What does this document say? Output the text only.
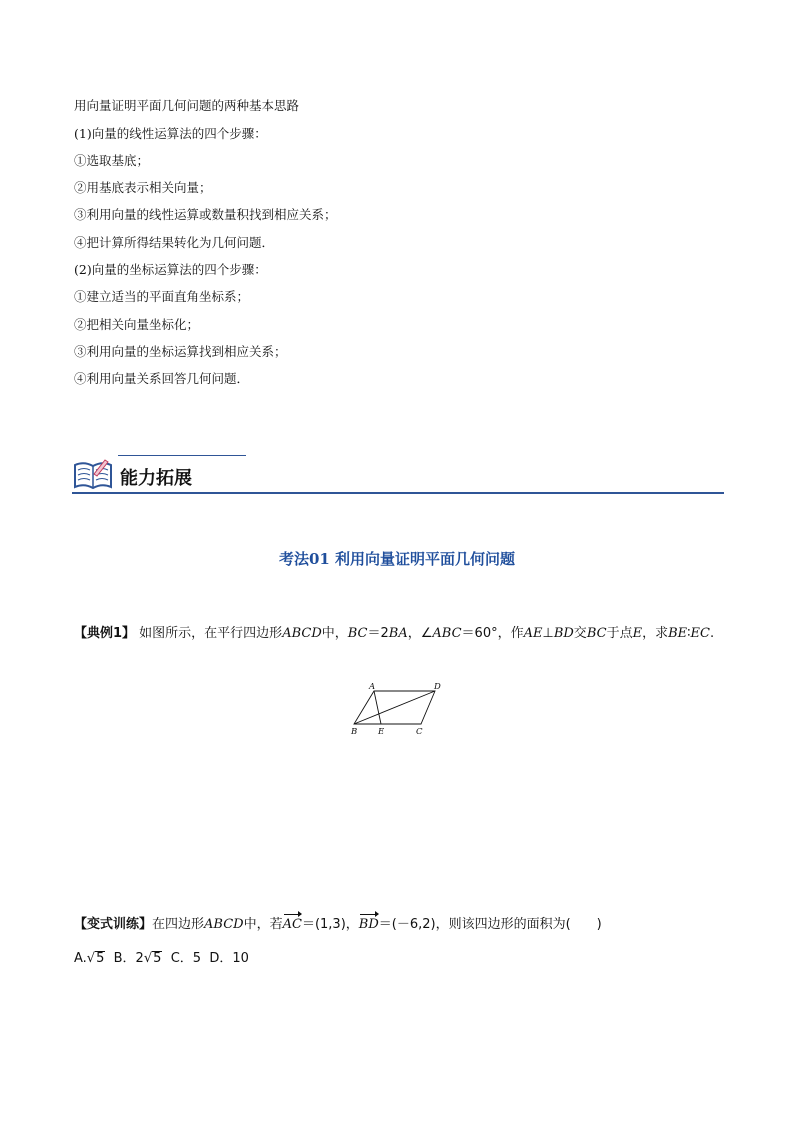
用向量证明平面几何问题的两种基本思路
(1)向量的线性运算法的四个步骤：
①选取基底；
②用基底表示相关向量；
③利用向量的线性运算或数量积找到相应关系；
④把计算所得结果转化为几何问题．
(2)向量的坐标运算法的四个步骤：
①建立适当的平面直角坐标系；
②把相关向量坐标化；
③利用向量的坐标运算找到相应关系；
④利用向量关系回答几何问题．
能力拓展
考法01 利用向量证明平面几何问题
【典例1】 如图所示，在平行四边形ABCD中，BC＝2BA，∠ABC＝60°，作AE⊥BD交BC于点E，求BE∶EC.
A	D
B E	C
【变式训练】在四边形ABCD中，若AC＝(1,3)，BD＝(－6,2)，则该四边形的面积为(　　)
A.√5 B．2√5 C．5 D．10
